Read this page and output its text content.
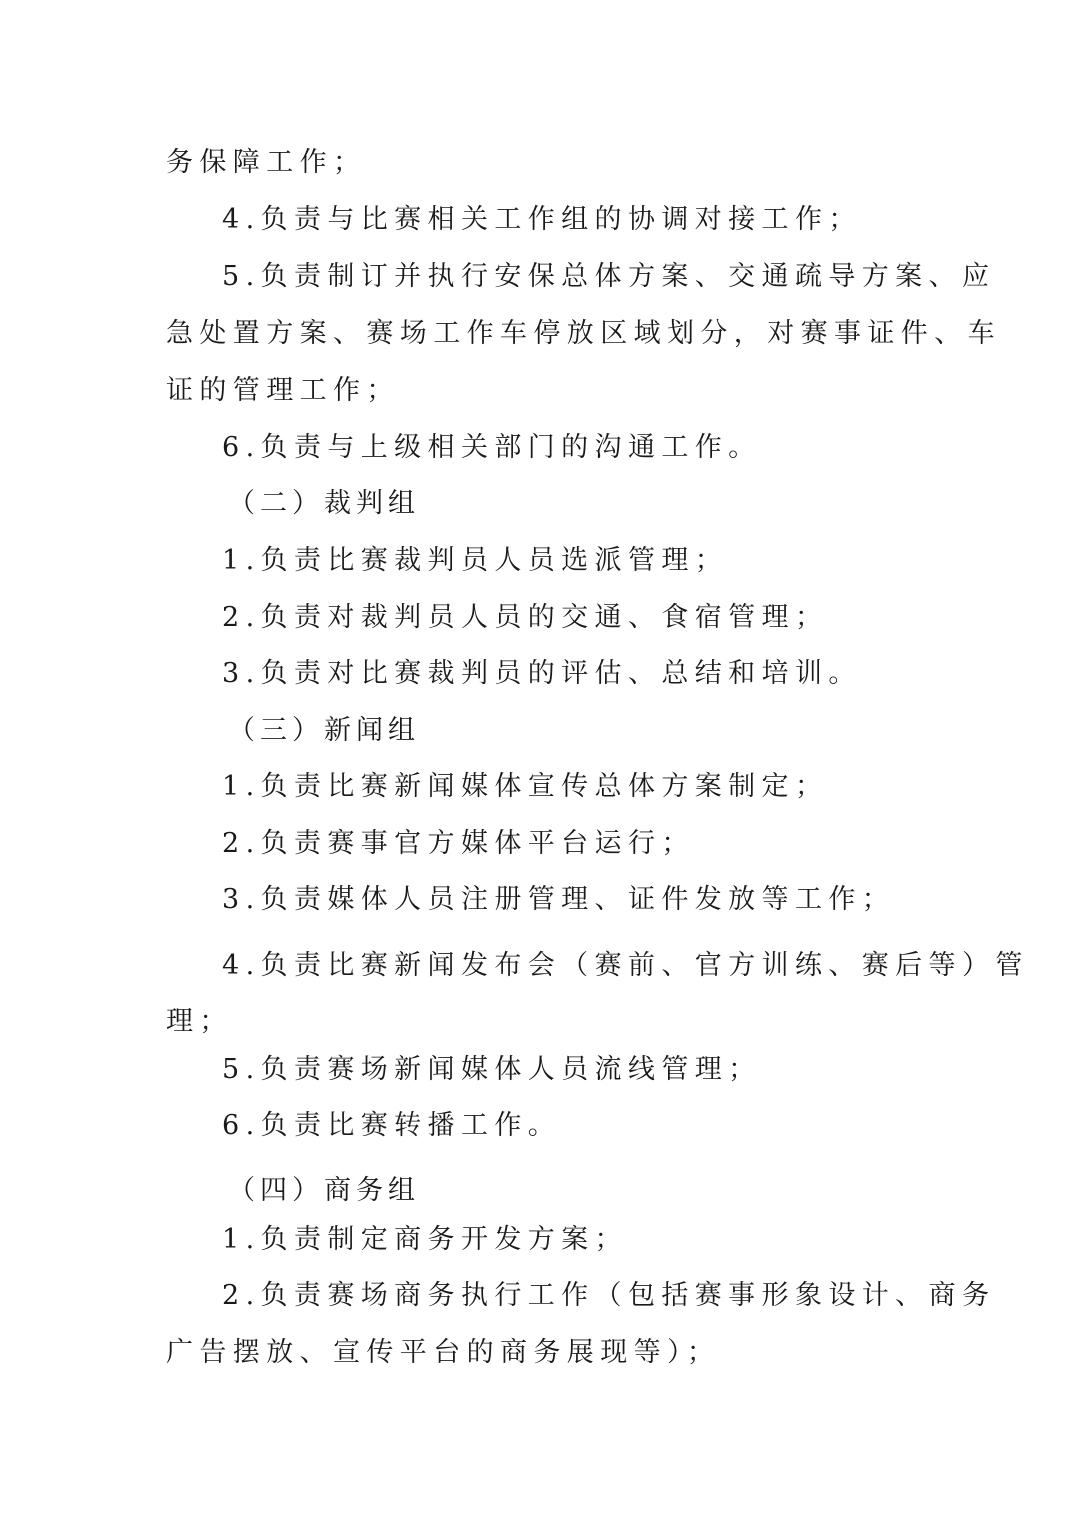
务保障工作；
4.负责与比赛相关工作组的协调对接工作；
5.负责制订并执行安保总体方案、交通疏导方案、应
急处置方案、赛场工作车停放区域划分，对赛事证件、车
证的管理工作；
6.负责与上级相关部门的沟通工作。
（二）裁判组
1.负责比赛裁判员人员选派管理；
2.负责对裁判员人员的交通、食宿管理；
3.负责对比赛裁判员的评估、总结和培训。
（三）新闻组
1.负责比赛新闻媒体宣传总体方案制定；
2.负责赛事官方媒体平台运行；
3.负责媒体人员注册管理、证件发放等工作；
4.负责比赛新闻发布会（赛前、官方训练、赛后等）管
理；
5.负责赛场新闻媒体人员流线管理；
6.负责比赛转播工作。
（四）商务组
1.负责制定商务开发方案；
2.负责赛场商务执行工作（包括赛事形象设计、商务
广告摆放、宣传平台的商务展现等）；
